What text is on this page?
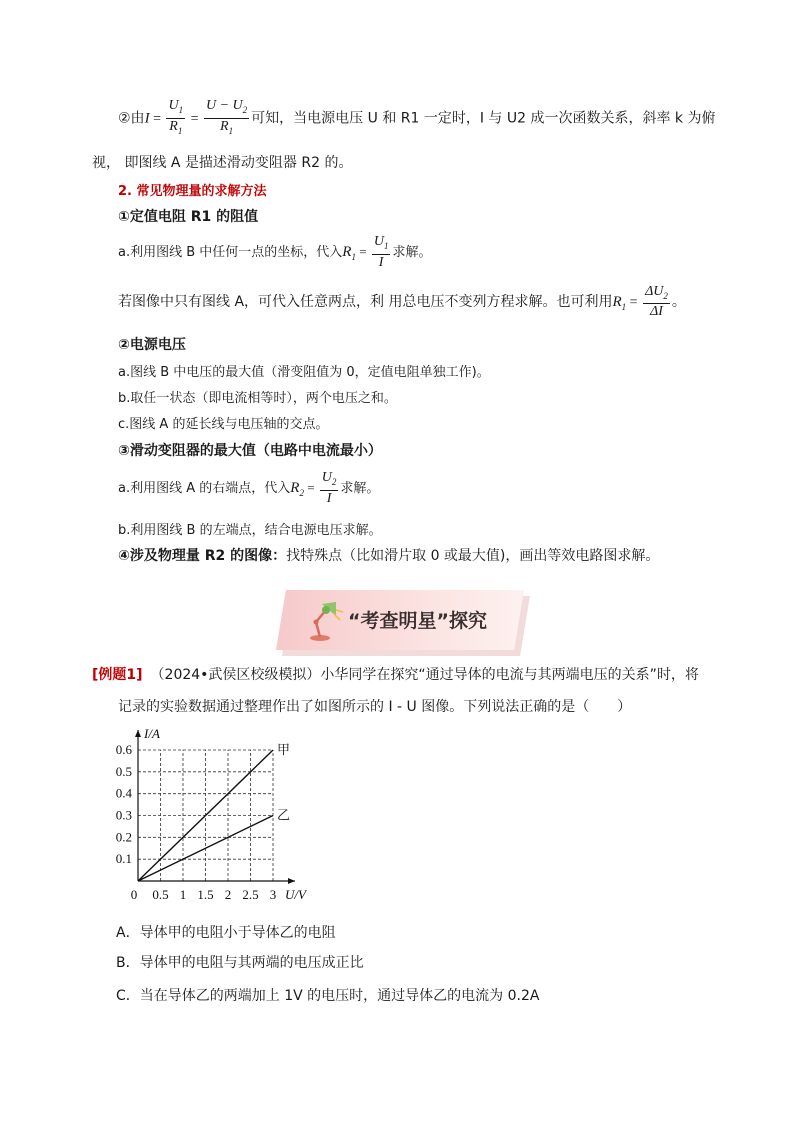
②由$I = \frac{U_1}{R_1} = \frac{U - U_2}{R_1}$ 可知，当电源电压 U 和 R1 一定时，I 与 U2 成一次函数关系，斜率 k 为俯
视， 即图线 A 是描述滑动变阻器 R2 的。
2. 常见物理量的求解方法
①定值电阻 R1 的阻值
a.利用图线 B 中任何一点的坐标，代入$R_1 = \frac{U_1}{I}$ 求解。
若图像中只有图线 A，可代入任意两点，利 用总电压不变列方程求解。也可利用$R_1 = \frac{\Delta U_2}{\Delta I}$ 。
②电源电压
a.图线 B 中电压的最大值（滑变阻值为 0，定值电阻单独工作)。
b.取任一状态（即电流相等时），两个电压之和。
c.图线 A 的延长线与电压轴的交点。
③滑动变阻器的最大值（电路中电流最小）
a.利用图线 A 的右端点，代入$R_2 = \frac{U_2}{I}$ 求解。
b.利用图线 B 的左端点，结合电源电压求解。
④涉及物理量 R2 的图像：找特殊点（比如滑片取 0 或最大值)，画出等效电路图求解。
“考查明星”探究
[例题1] （2024•武侯区校级模拟）小华同学在探究“通过导体的电流与其两端电压的关系”时，将
记录的实验数据通过整理作出了如图所示的 I - U 图像。下列说法正确的是（　　）
0 0.5 1 1.5 2 2.5 3
0.1
0.2
0.3
0.4
0.5
0.6
I/A
U/V
甲
乙
A．导体甲的电阻小于导体乙的电阻
B．导体甲的电阻与其两端的电压成正比
C．当在导体乙的两端加上 1V 的电压时，通过导体乙的电流为 0.2A
